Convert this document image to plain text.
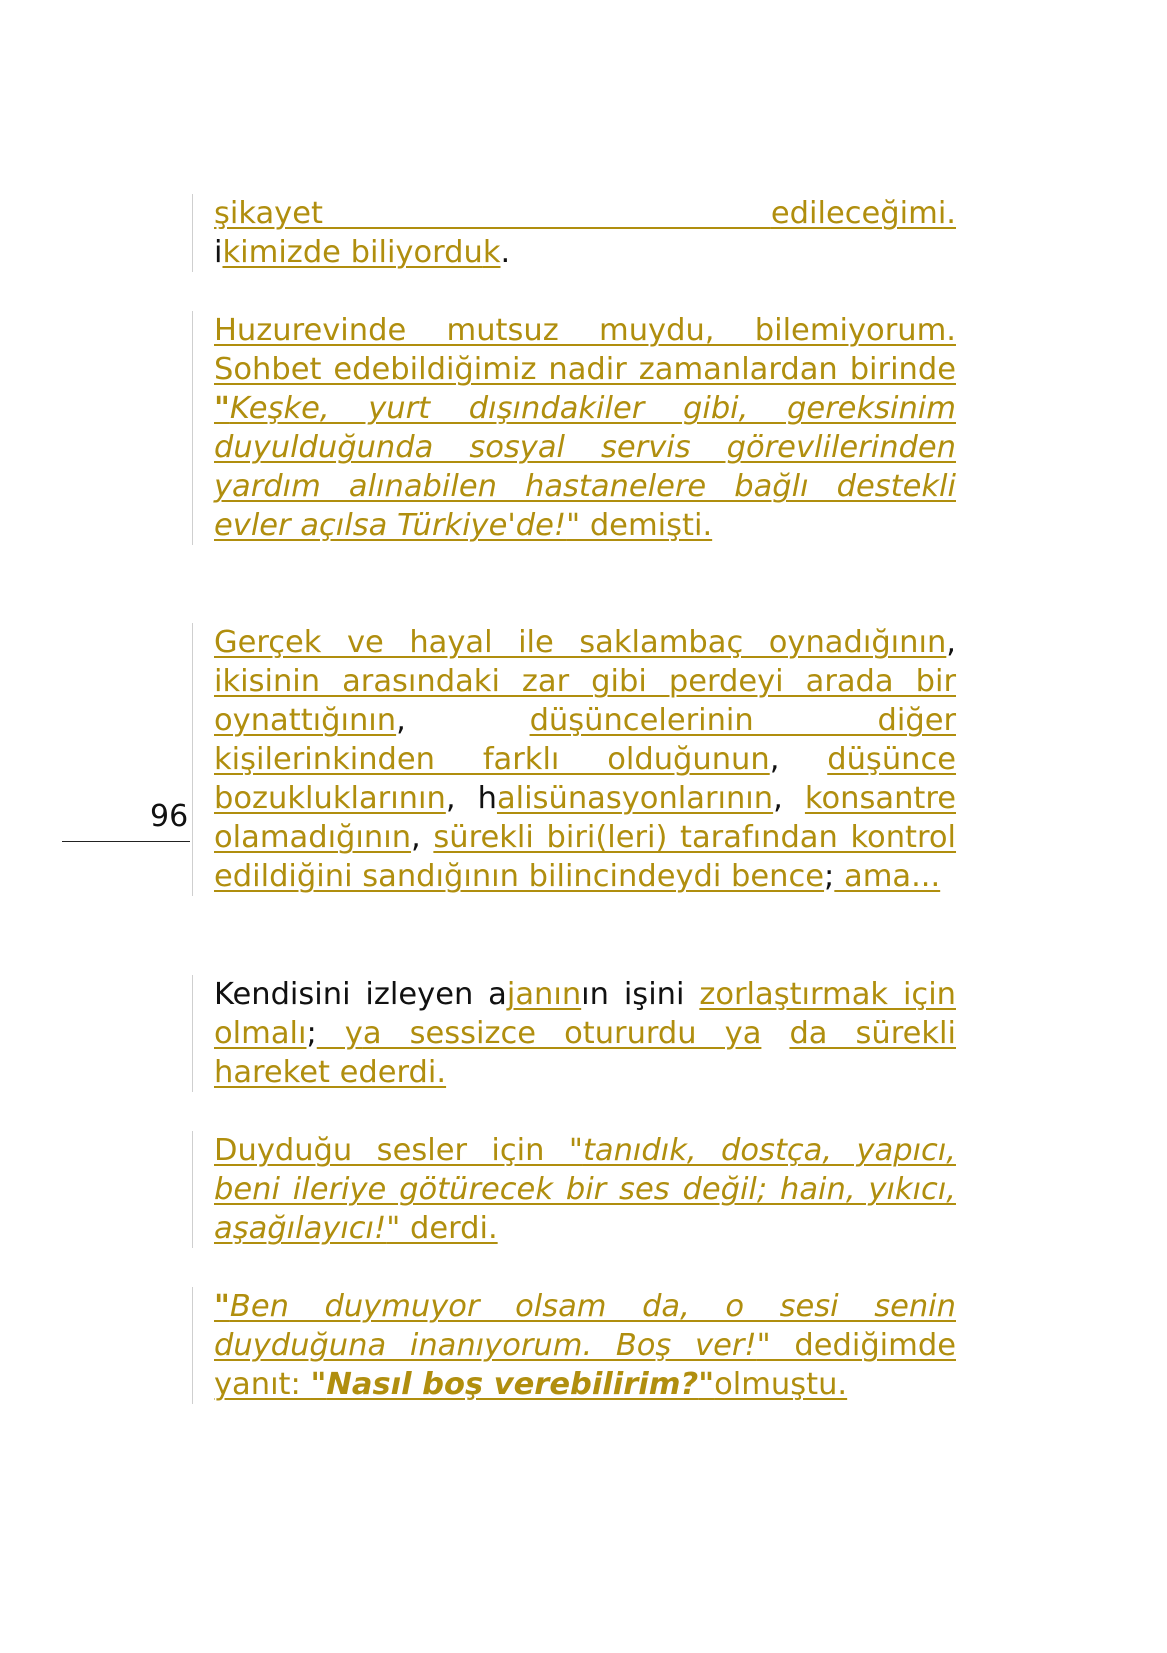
96

şikayet	edileceğimi.
ikimizde biliyorduk.

Huzurevinde mutsuz muydu, bilemiyorum. Sohbet edebildiğimiz nadir zamanlardan birinde "Keşke, yurt dışındakiler gibi, gereksinim duyulduğunda sosyal servis görevlilerinden yardım alınabilen hastanelere bağlı destekli evler açılsa Türkiye'de!" demişti.

Gerçek ve hayal ile saklambaç oynadığının, ikisinin arasındaki zar gibi perdeyi arada bir oynattığının, düşüncelerinin diğer kişilerinkinden farklı olduğunun, düşünce bozukluklarının, halisünasyonlarının, konsantre olamadığının, sürekli biri(leri) tarafından kontrol edildiğini sandığının bilincindeydi bence; ama...

Kendisini izleyen ajanının işini zorlaştırmak için olmalı; ya sessizce otururdu ya da sürekli hareket ederdi.

Duyduğu sesler için "tanıdık, dostça, yapıcı, beni ileriye götürecek bir ses değil; hain, yıkıcı, aşağılayıcı!" derdi.

"Ben duymuyor olsam da, o sesi senin duyduğuna inanıyorum. Boş ver!" dediğimde yanıt: "Nasıl boş verebilirim?"olmuştu.
